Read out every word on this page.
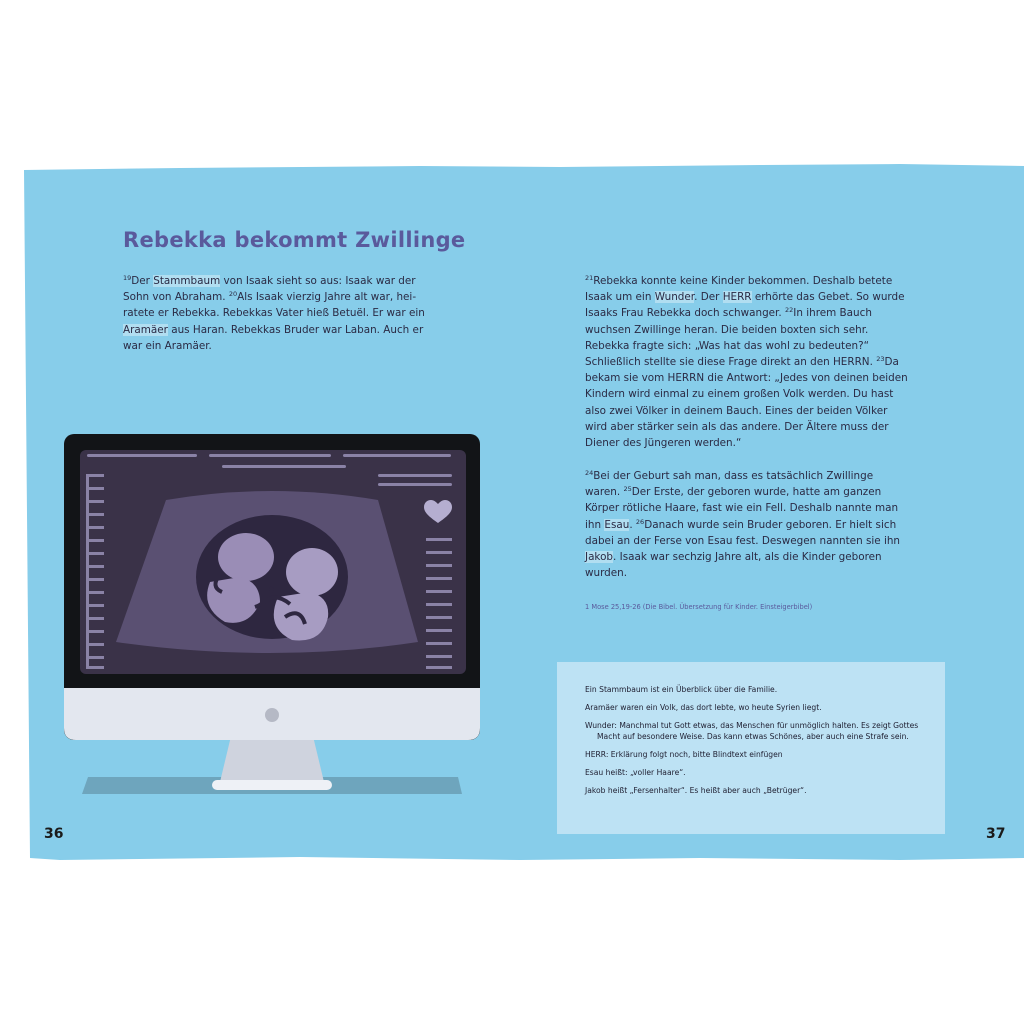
Rebekka bekommt Zwillinge

$^{19}$Der Stammbaum von Isaak sieht so aus: Isaak war der Sohn von Abraham. $^{20}$Als Isaak vierzig Jahre alt war, heiratete er Rebekka. Rebekkas Vater hieß Betuël. Er war ein Aramäer aus Haran. Rebekkas Bruder war Laban. Auch er war ein Aramäer.

$^{21}$Rebekka konnte keine Kinder bekommen. Deshalb betete Isaak um ein Wunder. Der HERR erhörte das Gebet. So wurde Isaaks Frau Rebekka doch schwanger. $^{22}$In ihrem Bauch wuchsen Zwillinge heran. Die beiden boxten sich sehr. Rebekka fragte sich: „Was hat das wohl zu bedeuten?“ Schließlich stellte sie diese Frage direkt an den HERRN. $^{23}$Da bekam sie vom HERRN die Antwort: „Jedes von deinen beiden Kindern wird einmal zu einem großen Volk werden. Du hast also zwei Völker in deinem Bauch. Eines der beiden Völker wird aber stärker sein als das andere. Der Ältere muss der Diener des Jüngeren werden.“

$^{24}$Bei der Geburt sah man, dass es tatsächlich Zwillinge waren. $^{25}$Der Erste, der geboren wurde, hatte am ganzen Körper rötliche Haare, fast wie ein Fell. Deshalb nannte man ihn Esau. $^{26}$Danach wurde sein Bruder geboren. Er hielt sich dabei an der Ferse von Esau fest. Deswegen nannten sie ihn Jakob. Isaak war sechzig Jahre alt, als die Kinder geboren wurden.

1 Mose 25,19-26 (Die Bibel. Übersetzung für Kinder. Einsteigerbibel)

Ein Stammbaum ist ein Überblick über die Familie.
Aramäer waren ein Volk, das dort lebte, wo heute Syrien liegt.
Wunder: Manchmal tut Gott etwas, das Menschen für unmöglich halten. Es zeigt Gottes Macht auf besondere Weise. Das kann etwas Schönes, aber auch eine Strafe sein.
HERR: Erklärung folgt noch, bitte Blindtext einfügen
Esau heißt: „voller Haare“.
Jakob heißt „Fersenhalter“. Es heißt aber auch „Betrüger“.

36	37
